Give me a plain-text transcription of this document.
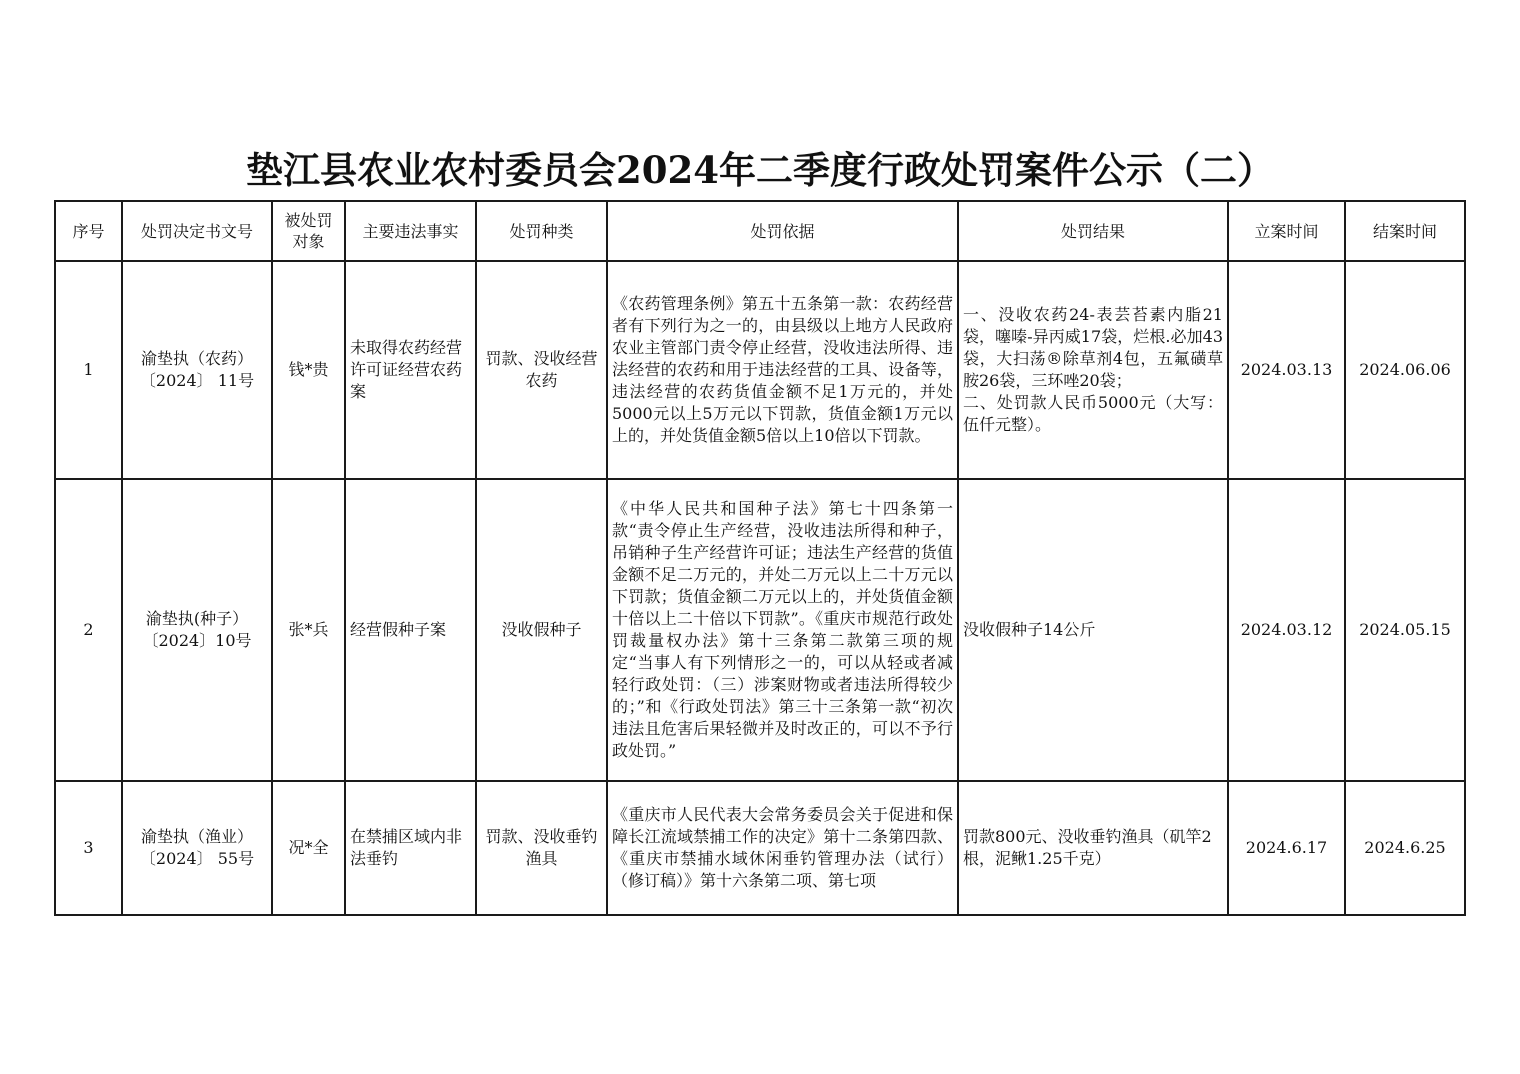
垫江县农业农村委员会2024年二季度行政处罚案件公示（二）
序号	处罚决定书文号	被处罚对象	主要违法事实	处罚种类	处罚依据	处罚结果	立案时间	结案时间
1	渝垫执（农药）〔2024〕 11号	钱*贵	未取得农药经营许可证经营农药案	罚款、没收经营农药	《农药管理条例》第五十五条第一款：农药经营者有下列行为之一的，由县级以上地方人民政府农业主管部门责令停止经营，没收违法所得、违法经营的农药和用于违法经营的工具、设备等，违法经营的农药货值金额不足1万元的，并处5000元以上5万元以下罚款，货值金额1万元以上的，并处货值金额5倍以上10倍以下罚款。	一、没收农药24-表芸苔素内脂21袋，噻嗪-异丙威17袋，烂根.必加43袋，大扫荡®除草剂4包，五氟磺草胺26袋，三环唑20袋；
二、处罚款人民币5000元（大写：伍仟元整）。	2024.03.13	2024.06.06
2	渝垫执(种子）〔2024〕10号	张*兵	经营假种子案	没收假种子	《中华人民共和国种子法》第七十四条第一款“责令停止生产经营，没收违法所得和种子，吊销种子生产经营许可证；违法生产经营的货值金额不足二万元的，并处二万元以上二十万元以下罚款；货值金额二万元以上的，并处货值金额十倍以上二十倍以下罚款”。《重庆市规范行政处罚裁量权办法》第十三条第二款第三项的规定“当事人有下列情形之一的，可以从轻或者减轻行政处罚：（三）涉案财物或者违法所得较少的；”和《行政处罚法》第三十三条第一款“初次违法且危害后果轻微并及时改正的，可以不予行政处罚。”	没收假种子14公斤	2024.03.12	2024.05.15
3	渝垫执（渔业）〔2024〕 55号	况*全	在禁捕区域内非法垂钓	罚款、没收垂钓渔具	《重庆市人民代表大会常务委员会关于促进和保障长江流域禁捕工作的决定》第十二条第四款、《重庆市禁捕水域休闲垂钓管理办法（试行）（修订稿）》第十六条第二项、第七项	罚款800元、没收垂钓渔具（矶竿2根，泥鳅1.25千克）	2024.6.17	2024.6.25
